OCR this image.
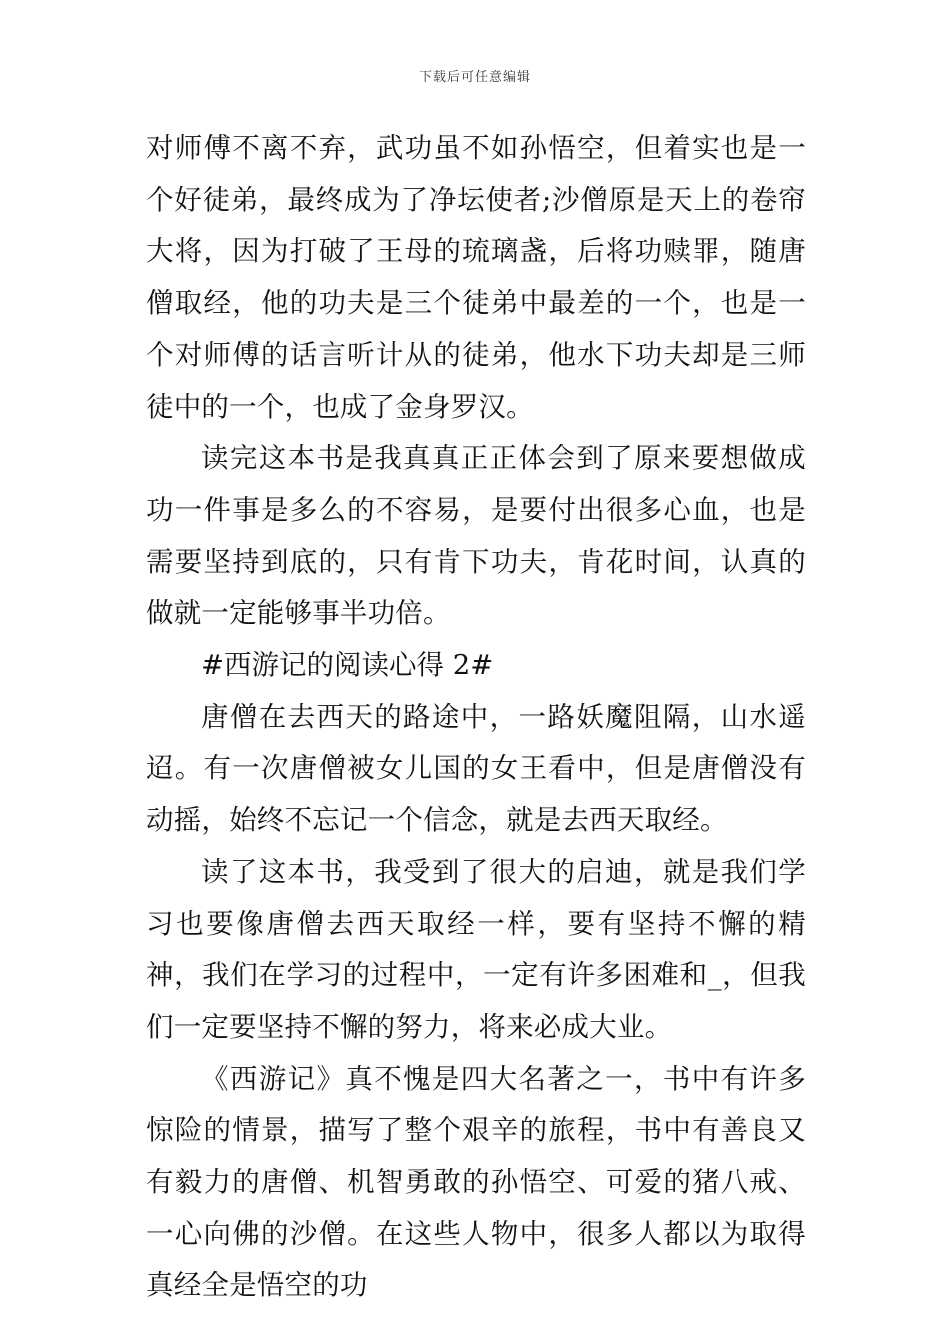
下载后可任意编辑

对师傅不离不弃，武功虽不如孙悟空，但着实也是一个好徒弟，最终成为了净坛使者;沙僧原是天上的卷帘大将，因为打破了王母的琉璃盏，后将功赎罪，随唐僧取经，他的功夫是三个徒弟中最差的一个，也是一个对师傅的话言听计从的徒弟，他水下功夫却是三师徒中的一个，也成了金身罗汉。

读完这本书是我真真正正体会到了原来要想做成功一件事是多么的不容易，是要付出很多心血，也是需要坚持到底的，只有肯下功夫，肯花时间，认真的做就一定能够事半功倍。

#西游记的阅读心得 2#

唐僧在去西天的路途中，一路妖魔阻隔，山水遥迢。有一次唐僧被女儿国的女王看中，但是唐僧没有动摇，始终不忘记一个信念，就是去西天取经。

读了这本书，我受到了很大的启迪，就是我们学习也要像唐僧去西天取经一样，要有坚持不懈的精神，我们在学习的过程中，一定有许多困难和_，但我们一定要坚持不懈的努力，将来必成大业。

《西游记》真不愧是四大名著之一，书中有许多惊险的情景，描写了整个艰辛的旅程，书中有善良又有毅力的唐僧、机智勇敢的孙悟空、可爱的猪八戒、一心向佛的沙僧。在这些人物中，很多人都以为取得真经全是悟空的功
